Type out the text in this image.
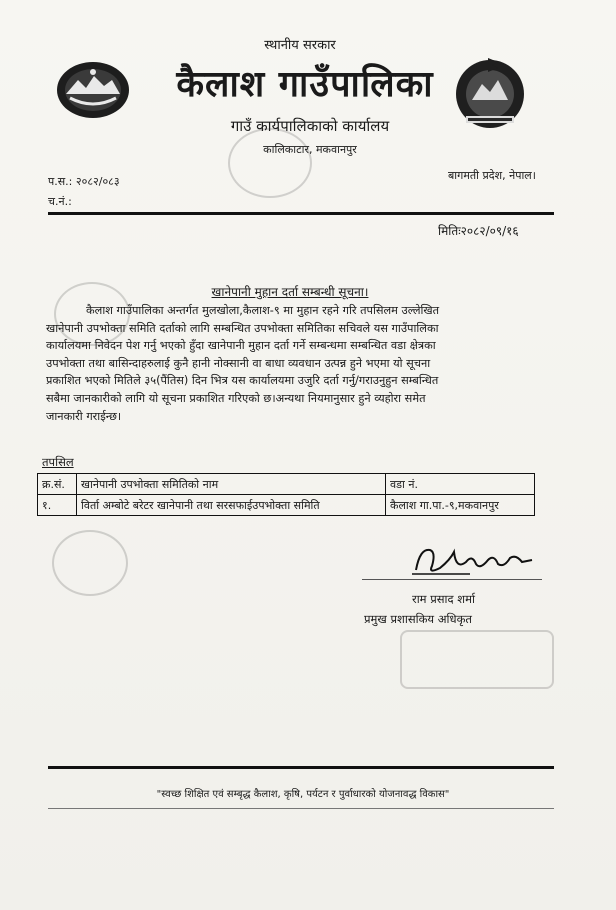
स्थानीय सरकार
कैलाश गाउँपालिका
गाउँ कार्यपालिकाको कार्यालय
कालिकाटार, मकवानपुर
बागमती प्रदेश, नेपाल।
प.स.: २०८२/०८३
च.नं.:
मितिः२०८२/०९/१६
खानेपानी मुहान दर्ता सम्बन्धी सूचना।
कैलाश गाउँपालिका अन्तर्गत मुलखोला,कैलाश-९ मा मुहान रहने गरि तपसिलम उल्लेखित
खानेपानी उपभोक्ता समिति दर्ताको लागि सम्बन्धित उपभोक्ता समितिका सचिवले यस गाउँपालिका
कार्यालयमा निवेदन पेश गर्नु भएको हुँदा खानेपानी मुहान दर्ता गर्ने सम्बन्धमा सम्बन्धित वडा क्षेत्रका
उपभोक्ता तथा बासिन्दाहरुलाई कुनै हानी नोक्सानी वा बाधा व्यवधान उत्पन्न हुने भएमा यो सूचना
प्रकाशित भएको मितिले ३५(पैंतिस) दिन भित्र यस कार्यालयमा उजुरि दर्ता गर्नु/गराउनुहुन सम्बन्धित
सबैमा जानकारीको लागि यो सूचना प्रकाशित गरिएको छ।अन्यथा नियमानुसार हुने व्यहोरा समेत
जानकारी गराईन्छ।
तपसिल
क्र.सं.	खानेपानी उपभोक्ता समितिको नाम	वडा नं.
१.	विर्ता अम्बोटे बरेटर खानेपानी तथा सरसफाईउपभोक्ता समिति	कैलाश गा.पा.-९,मकवानपुर
राम प्रसाद शर्मा
प्रमुख प्रशासकिय अधिकृत
"स्वच्छ शिक्षित एवं सम्बृद्ध कैलाश, कृषि, पर्यटन र पुर्वाधारको योजनावद्ध विकास"
